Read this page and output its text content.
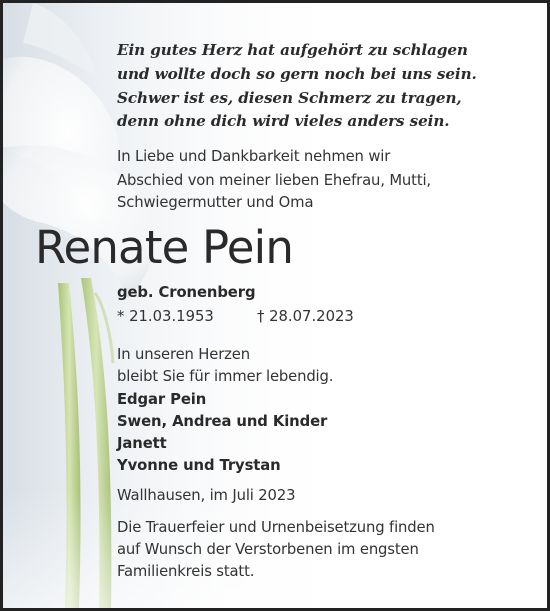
Ein gutes Herz hat aufgehört zu schlagen
und wollte doch so gern noch bei uns sein.
Schwer ist es, diesen Schmerz zu tragen,
denn ohne dich wird vieles anders sein.
In Liebe und Dankbarkeit nehmen wir
Abschied von meiner lieben Ehefrau, Mutti,
Schwiegermutter und Oma
geb. Cronenberg
* 21.03.1953	† 28.07.2023
In unseren Herzen
bleibt Sie für immer lebendig.
Edgar Pein
Swen, Andrea und Kinder
Janett
Yvonne und Trystan
Wallhausen, im Juli 2023
Die Trauerfeier und Urnenbeisetzung finden
auf Wunsch der Verstorbenen im engsten
Familienkreis statt.
Renate Pein
